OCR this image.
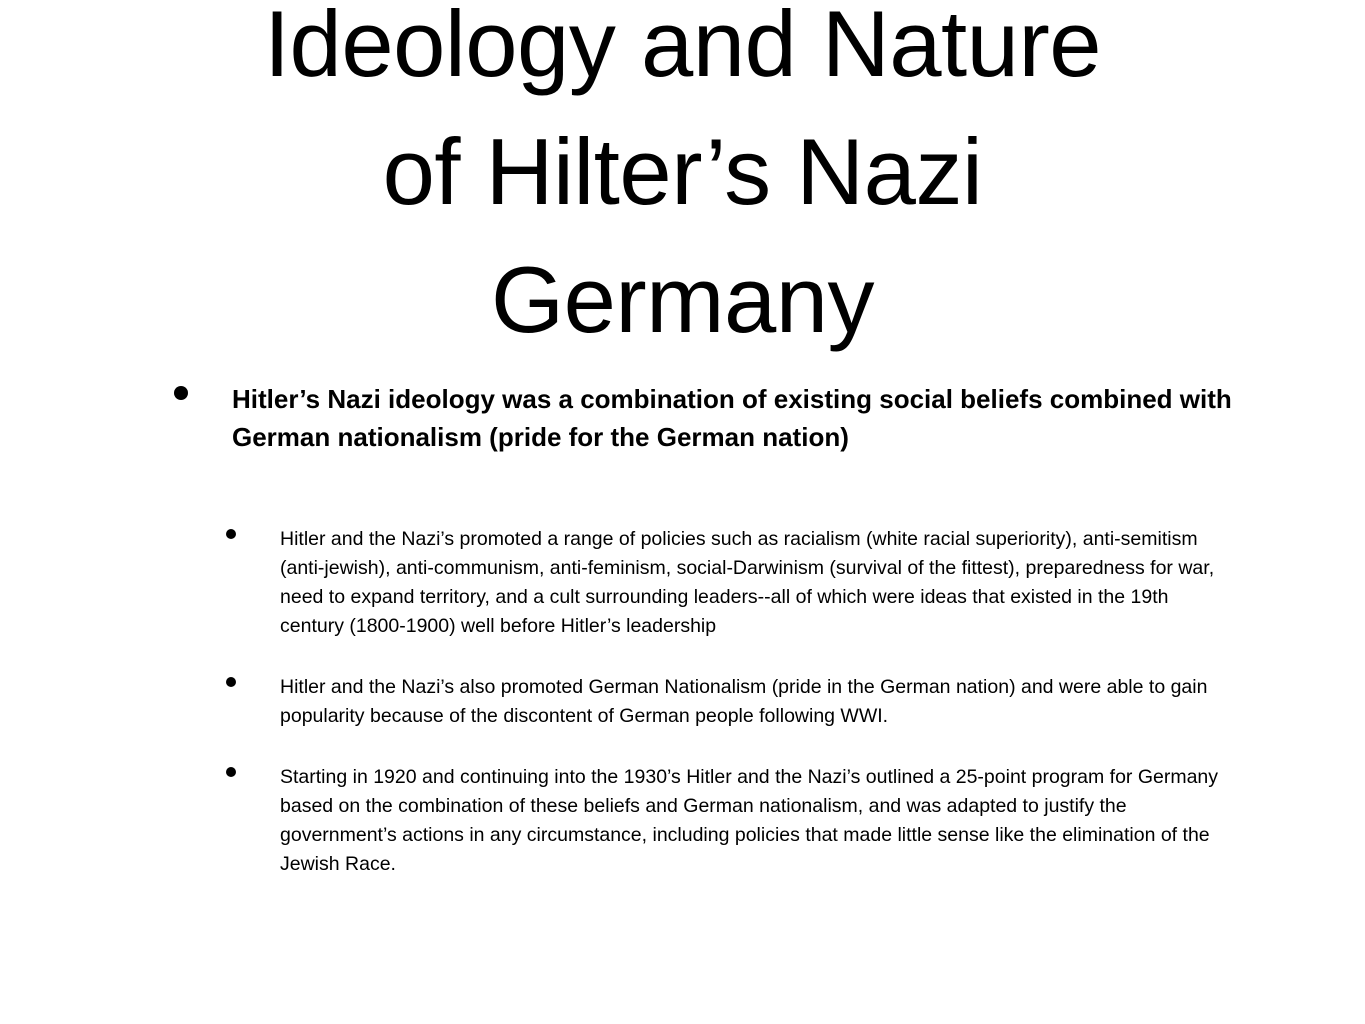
Ideology and Nature
of Hilter’s Nazi
Germany

Hitler’s Nazi ideology was a combination of existing social beliefs combined with German nationalism (pride for the German nation)

Hitler and the Nazi’s promoted a range of policies such as racialism (white racial superiority), anti-semitism (anti-jewish), anti-communism, anti-feminism, social-Darwinism (survival of the fittest), preparedness for war, need to expand territory, and a cult surrounding leaders--all of which were ideas that existed in the 19th century (1800-1900) well before Hitler’s leadership

Hitler and the Nazi’s also promoted German Nationalism (pride in the German nation) and were able to gain popularity because of the discontent of German people following WWI.

Starting in 1920 and continuing into the 1930’s Hitler and the Nazi’s outlined a 25-point program for Germany based on the combination of these beliefs and German nationalism, and was adapted to justify the government’s actions in any circumstance, including policies that made little sense like the elimination of the Jewish Race.
